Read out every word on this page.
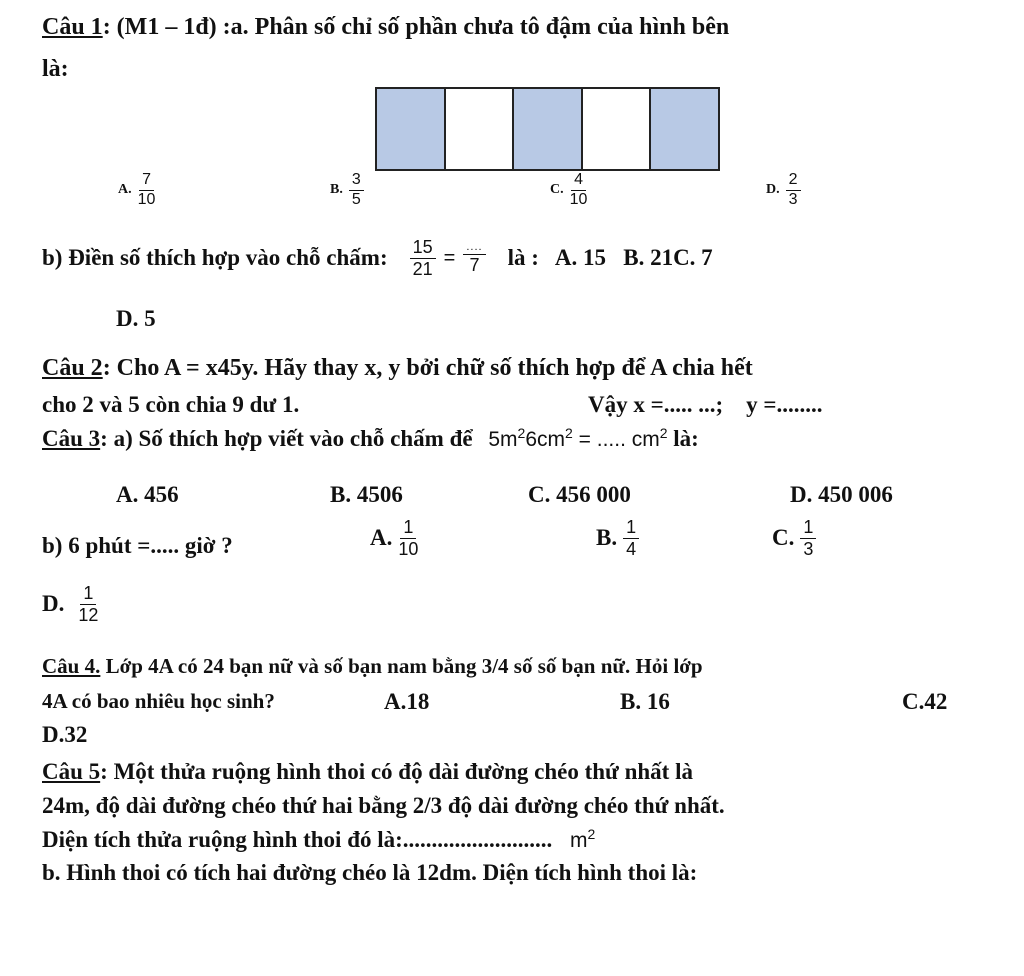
Câu 1: (M1 – 1đ) :a. Phân số chỉ số phần chưa tô đậm của hình bên
là:
A. $\frac{7}{10}$	B. $\frac{3}{5}$	C. $\frac{4}{10}$	D. $\frac{2}{3}$
b) Điền số thích hợp vào chỗ chấm: $\frac{15}{21} = \frac{....}{7}$ là :   A. 15   B. 21C. 7
D. 5
Câu 2: Cho A = x45y. Hãy thay x, y bởi chữ số thích hợp để A chia hết
cho 2 và 5 còn chia 9 dư 1.	Vậy x =..... ...;    y =........
Câu 3: a) Số thích hợp viết vào chỗ chấm để $5m^26cm^2$ = ..... $cm^2$ là:
A. 456	B. 4506	C. 456 000	D. 450 006
b) 6 phút =..... giờ ?	A. $\frac{1}{10}$	B. $\frac{1}{4}$	C. $\frac{1}{3}$
D. $\frac{1}{12}$
Câu 4. Lớp 4A có 24 bạn nữ và số bạn nam bằng 3/4 số số bạn nữ. Hỏi lớp
4A có bao nhiêu học sinh?	A.18	B. 16	C.42
D.32
Câu 5: Một thửa ruộng hình thoi có độ dài đường chéo thứ nhất là
24m, độ dài đường chéo thứ hai bằng 2/3 độ dài đường chéo thứ nhất.
Diện tích thửa ruộng hình thoi đó là:.......................... $m^2$
b. Hình thoi có tích hai đường chéo là 12dm. Diện tích hình thoi là:
